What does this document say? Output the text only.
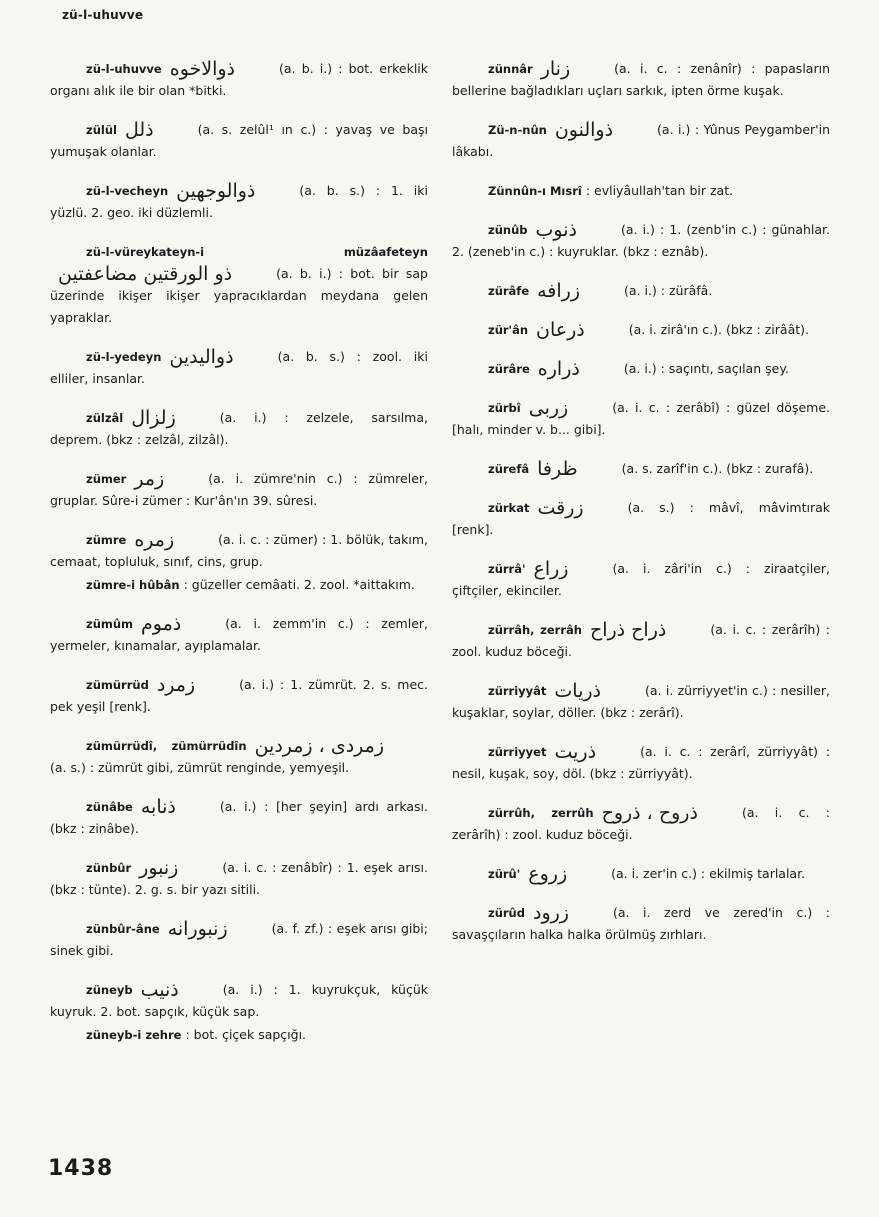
zü-l-uhuvve
zü-l-uhuvve ذوالاخوه	(a. b. i.) : bot. erkeklik organı alık ile bir olan *bitki.
zülül ذلل	(a. s. zelûl¹ ın c.) : yavaş ve başı yumuşak olanlar.
zü-l-vecheyn ذوالوجهين	(a. b. s.) : 1. iki yüzlü. 2. geo. iki düzlemli.
zü-l-vüreykateyn-i müzâafeteynذو الورقتين مضاعفتين	(a. b. i.) : bot. bir sap üzerinde ikişer ikişer yapracıklardan meydana gelen yapraklar.
zü-l-yedeyn ذواليدين	(a. b. s.) : zool. iki elliler, insanlar.
zülzâl زلزال	(a. i.) : zelzele, sarsılma, deprem. (bkz : zelzâl, zilzâl).
zümer زمر	(a. i. zümre'nin c.) : zümreler, gruplar. Sûre-i zümer : Kur'ân'ın 39. sûresi.
zümre زمره	(a. i. c. : zümer) : 1. bölük, takım, cemaat, topluluk, sınıf, cins, grup.
zümre-i hûbân : güzeller cemâati. 2. zool. *aittakım.
zümûm ذموم	(a. i. zemm'in c.) : zemler, yermeler, kınamalar, ayıplamalar.
zümürrüd زمرد	(a. i.) : 1. zümrüt. 2. s. mec. pek yeşil [renk].
zümürrüdî, zümürrüdîn زمردى ، زمردين(a. s.) : zümrüt gibi, zümrüt renginde, yemyeşil.
zünâbe ذنابه	(a. i.) : [her şeyin] ardı arkası. (bkz : zinâbe).
zünbûr زنبور	(a. i. c. : zenâbîr) : 1. eşek arısı. (bkz : tünte). 2. g. s. bir yazı sitili.
zünbûr-âne زنبورانه	(a. f. zf.) : eşek arısı gibi; sinek gibi.
züneyb ذنيب	(a. i.) : 1. kuyrukçuk, küçük kuyruk. 2. bot. sapçık, küçük sap.
züneyb-i zehre : bot. çiçek sapçığı.
zünnâr زنار	(a. i. c. : zenânîr) : papasların bellerine bağladıkları uçları sarkık, ipten örme kuşak.
Zü-n-nûn ذوالنون	(a. i.) : Yûnus Peygamber'in lâkabı.
Zünnûn-ı Mısrî : evliyâullah'tan bir zat.
zünûb ذنوب	(a. i.) : 1. (zenb'in c.) : günahlar. 2. (zeneb'in c.) : kuyruklar. (bkz : eznâb).
zürâfe زرافه	(a. i.) : zürâfâ.
zür'ân ذرعان	(a. i. zirâ'ın c.). (bkz : zirâât).
zürâre ذراره	(a. i.) : saçıntı, saçılan şey.
zürbî زربى	(a. i. c. : zerâbî) : güzel döşeme. [halı, minder v. b... gibi].
zürefâ ظرفا	(a. s. zarîf'in c.). (bkz : zurafâ).
zürkat زرقت	(a. s.) : mâvî, mâvimtırak [renk].
zürrâ' زراع	(a. i. zâri'in c.) : ziraatçiler, çiftçiler, ekinciler.
zürrâh, zerrâh ذراح ذراح	(a. i. c. : zerârîh) : zool. kuduz böceği.
zürriyyât ذريات	(a. i. zürriyyet'in c.) : nesiller, kuşaklar, soylar, döller. (bkz : zerârî).
zürriyyet ذريت	(a. i. c. : zerârî, zürriyyât) : nesil, kuşak, soy, döl. (bkz : zürriyyât).
zürrûh, zerrûh ذروح ، ذروح	(a. i. c. : zerârîh) : zool. kuduz böceği.
zürû' زروع	(a. i. zer'in c.) : ekilmiş tarlalar.
zürûd زرود	(a. i. zerd ve zered'in c.) : savaşçıların halka halka örülmüş zırhları.
1438
